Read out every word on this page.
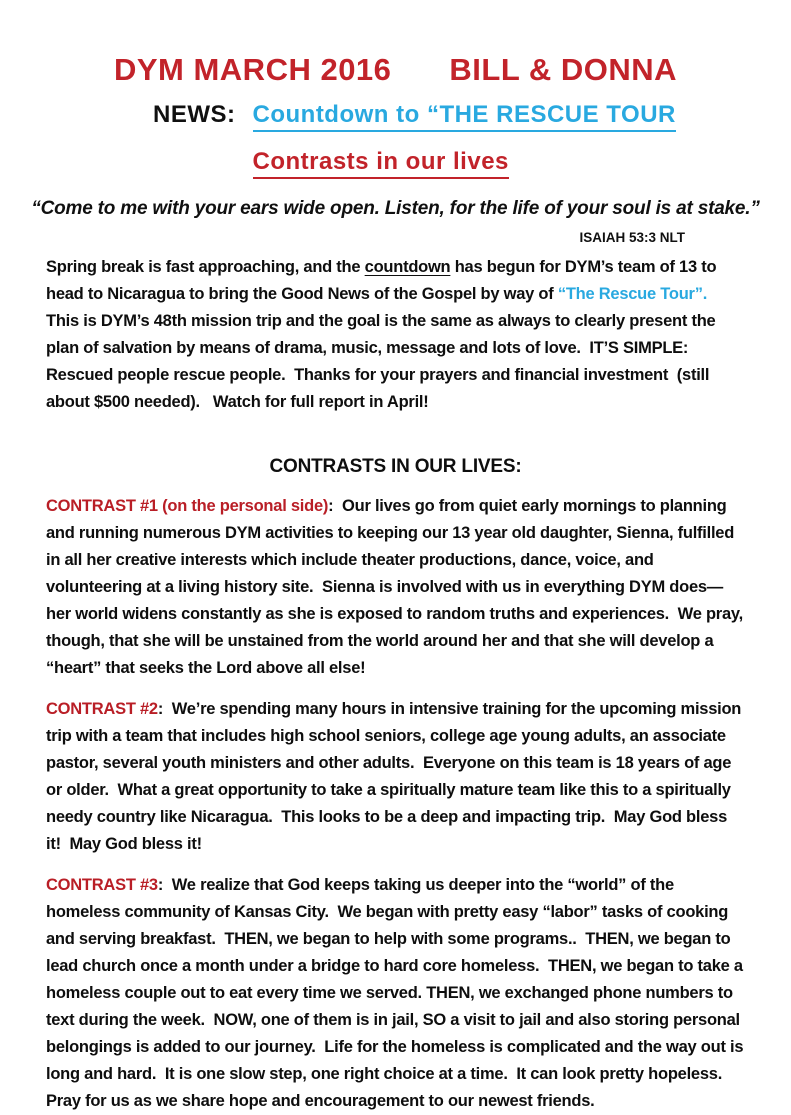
DYM MARCH 2016 BILL & DONNA
NEWS: Countdown to “THE RESCUE TOUR
Contrasts in our lives
“Come to me with your ears wide open. Listen, for the life of your soul is at stake.”
ISAIAH 53:3 NLT

Spring break is fast approaching, and the countdown has begun for DYM’s team of 13 to head to Nicaragua to bring the Good News of the Gospel by way of “The Rescue Tour”.  This is DYM’s 48th mission trip and the goal is the same as always to clearly present the plan of salvation by means of drama, music, message and lots of love.  IT’S SIMPLE:  Rescued people rescue people.  Thanks for your prayers and financial investment  (still about $500 needed).   Watch for full report in April!

CONTRASTS IN OUR LIVES:

CONTRAST #1 (on the personal side):  Our lives go from quiet early mornings to planning and running numerous DYM activities to keeping our 13 year old daughter, Sienna, fulfilled in all her creative interests which include theater productions, dance, voice, and volunteering at a living history site.  Sienna is involved with us in everything DYM does—her world widens constantly as she is exposed to random truths and experiences.  We pray, though, that she will be unstained from the world around her and that she will develop a “heart” that seeks the Lord above all else!

CONTRAST #2:  We’re spending many hours in intensive training for the upcoming mission trip with a team that includes high school seniors, college age young adults, an associate pastor, several youth ministers and other adults.  Everyone on this team is 18 years of age or older.  What a great opportunity to take a spiritually mature team like this to a spiritually needy country like Nicaragua.  This looks to be a deep and impacting trip.  May God bless it!  May God bless it!

CONTRAST #3:  We realize that God keeps taking us deeper into the “world” of the homeless community of Kansas City.  We began with pretty easy “labor” tasks of cooking and serving breakfast.  THEN, we began to help with some programs..  THEN, we began to lead church once a month under a bridge to hard core homeless.  THEN, we began to take a homeless couple out to eat every time we served. THEN, we exchanged phone numbers to text during the week.  NOW, one of them is in jail, SO a visit to jail and also storing personal belongings is added to our journey.  Life for the homeless is complicated and the way out is long and hard.  It is one slow step, one right choice at a time.  It can look pretty hopeless.  Pray for us as we share hope and encouragement to our newest friends.
